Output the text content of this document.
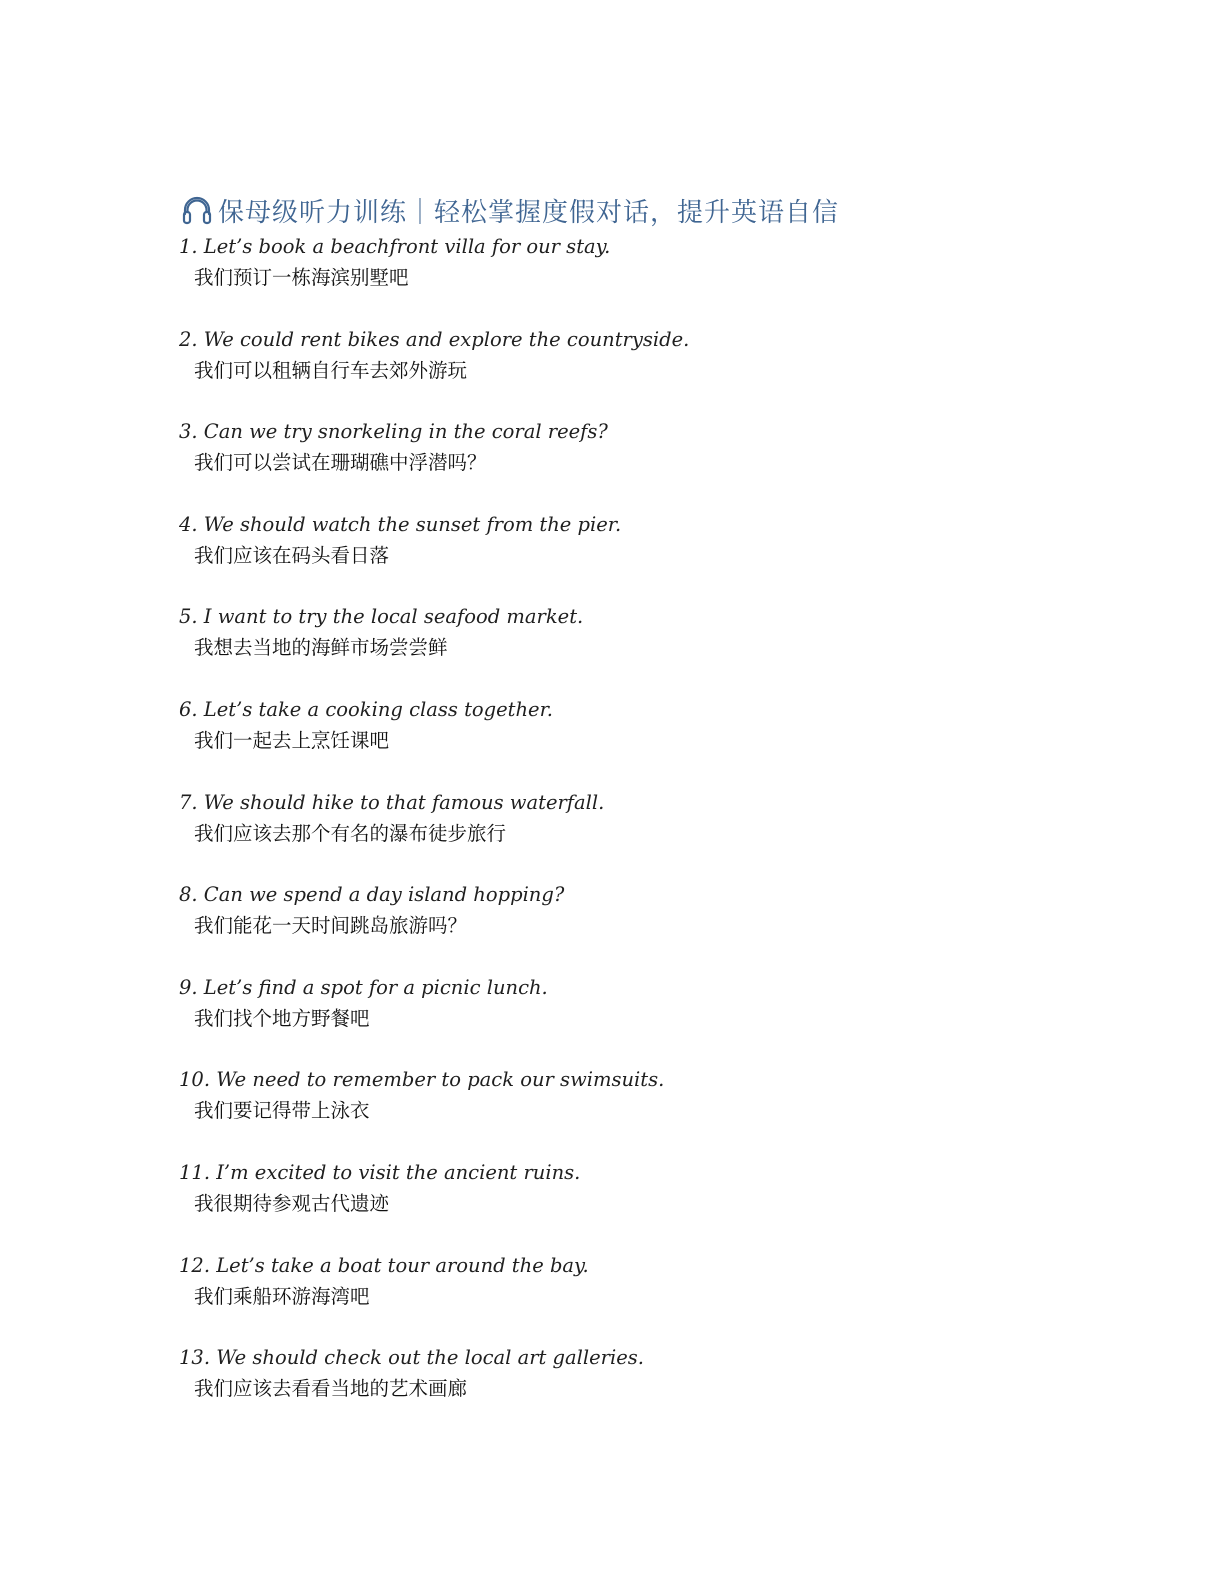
保母级听力训练｜轻松掌握度假对话，提升英语自信
1. Let’s book a beachfront villa for our stay.
我们预订一栋海滨别墅吧
2. We could rent bikes and explore the countryside.
我们可以租辆自行车去郊外游玩
3. Can we try snorkeling in the coral reefs?
我们可以尝试在珊瑚礁中浮潜吗？
4. We should watch the sunset from the pier.
我们应该在码头看日落
5. I want to try the local seafood market.
我想去当地的海鲜市场尝尝鲜
6. Let’s take a cooking class together.
我们一起去上烹饪课吧
7. We should hike to that famous waterfall.
我们应该去那个有名的瀑布徒步旅行
8. Can we spend a day island hopping?
我们能花一天时间跳岛旅游吗？
9. Let’s find a spot for a picnic lunch.
我们找个地方野餐吧
10. We need to remember to pack our swimsuits.
我们要记得带上泳衣
11. I’m excited to visit the ancient ruins.
我很期待参观古代遗迹
12. Let’s take a boat tour around the bay.
我们乘船环游海湾吧
13. We should check out the local art galleries.
我们应该去看看当地的艺术画廊
